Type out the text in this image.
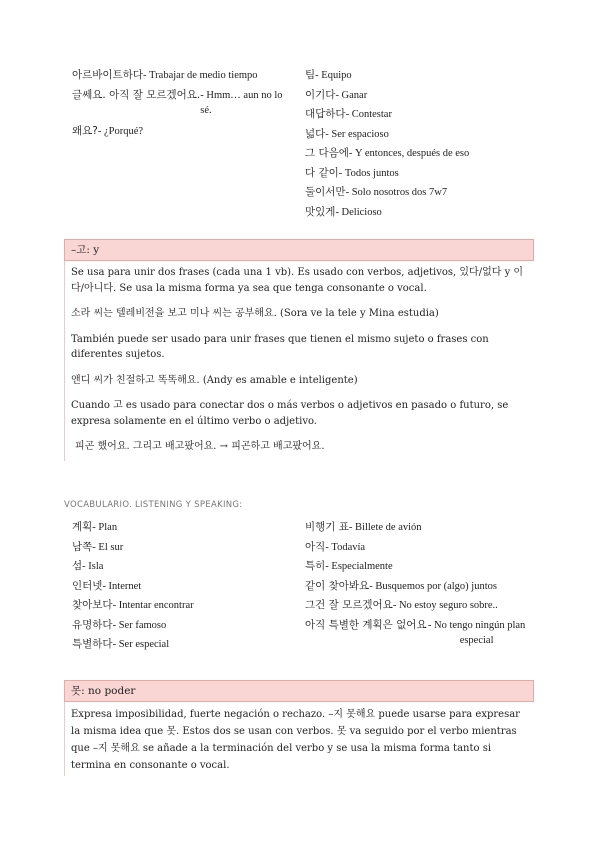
아르바이트하다- Trabajar de medio tiempo
글쎄요. 아직 잘 모르겠어요. - Hmm… aun no lo sé.
왜요?- ¿Porqué?
팀- Equipo
이기다- Ganar
대답하다- Contestar
넓다- Ser espacioso
그 다음에- Y entonces, después de eso
다 같이- Todos juntos
둘이서만- Solo nosotros dos 7w7
맛있게- Delicioso
–고: y

Se usa para unir dos frases (cada una 1 vb). Es usado con verbos, adjetivos, 있다/없다 y 이다/아니다. Se usa la misma forma ya sea que tenga consonante o vocal.

소라 씨는 텔레비전을 보고 미나 씨는 공부해요. (Sora ve la tele y Mina estudia)

También puede ser usado para unir frases que tienen el mismo sujeto o frases con diferentes sujetos.

앤디 씨가 친절하고 똑똑해요. (Andy es amable e inteligente)

Cuando 고 es usado para conectar dos o más verbos o adjetivos en pasado o futuro, se expresa solamente en el último verbo o adjetivo.

피곤 했어요. 그리고 배고팠어요. → 피곤하고 배고팠어요.

VOCABULARIO. LISTENING Y SPEAKING:
계획- Plan
남쪽- El sur
섬- Isla
인터넷- Internet
찾아보다- Intentar encontrar
유명하다- Ser famoso
특별하다- Ser especial
비행기 표- Billete de avión
아직- Todavía
특히- Especialmente
같이 찾아봐요- Busquemos por (algo) juntos
그건 잘 모르겠어요- No estoy seguro sobre..
아직 특별한 계획은 없어요 - No tengo ningún plan especial
못: no poder

Expresa imposibilidad, fuerte negación o rechazo. –지 못해요 puede usarse para expresar la misma idea que 못. Estos dos se usan con verbos. 못 va seguido por el verbo mientras que –지 못해요 se añade a la terminación del verbo y se usa la misma forma tanto si termina en consonante o vocal.
